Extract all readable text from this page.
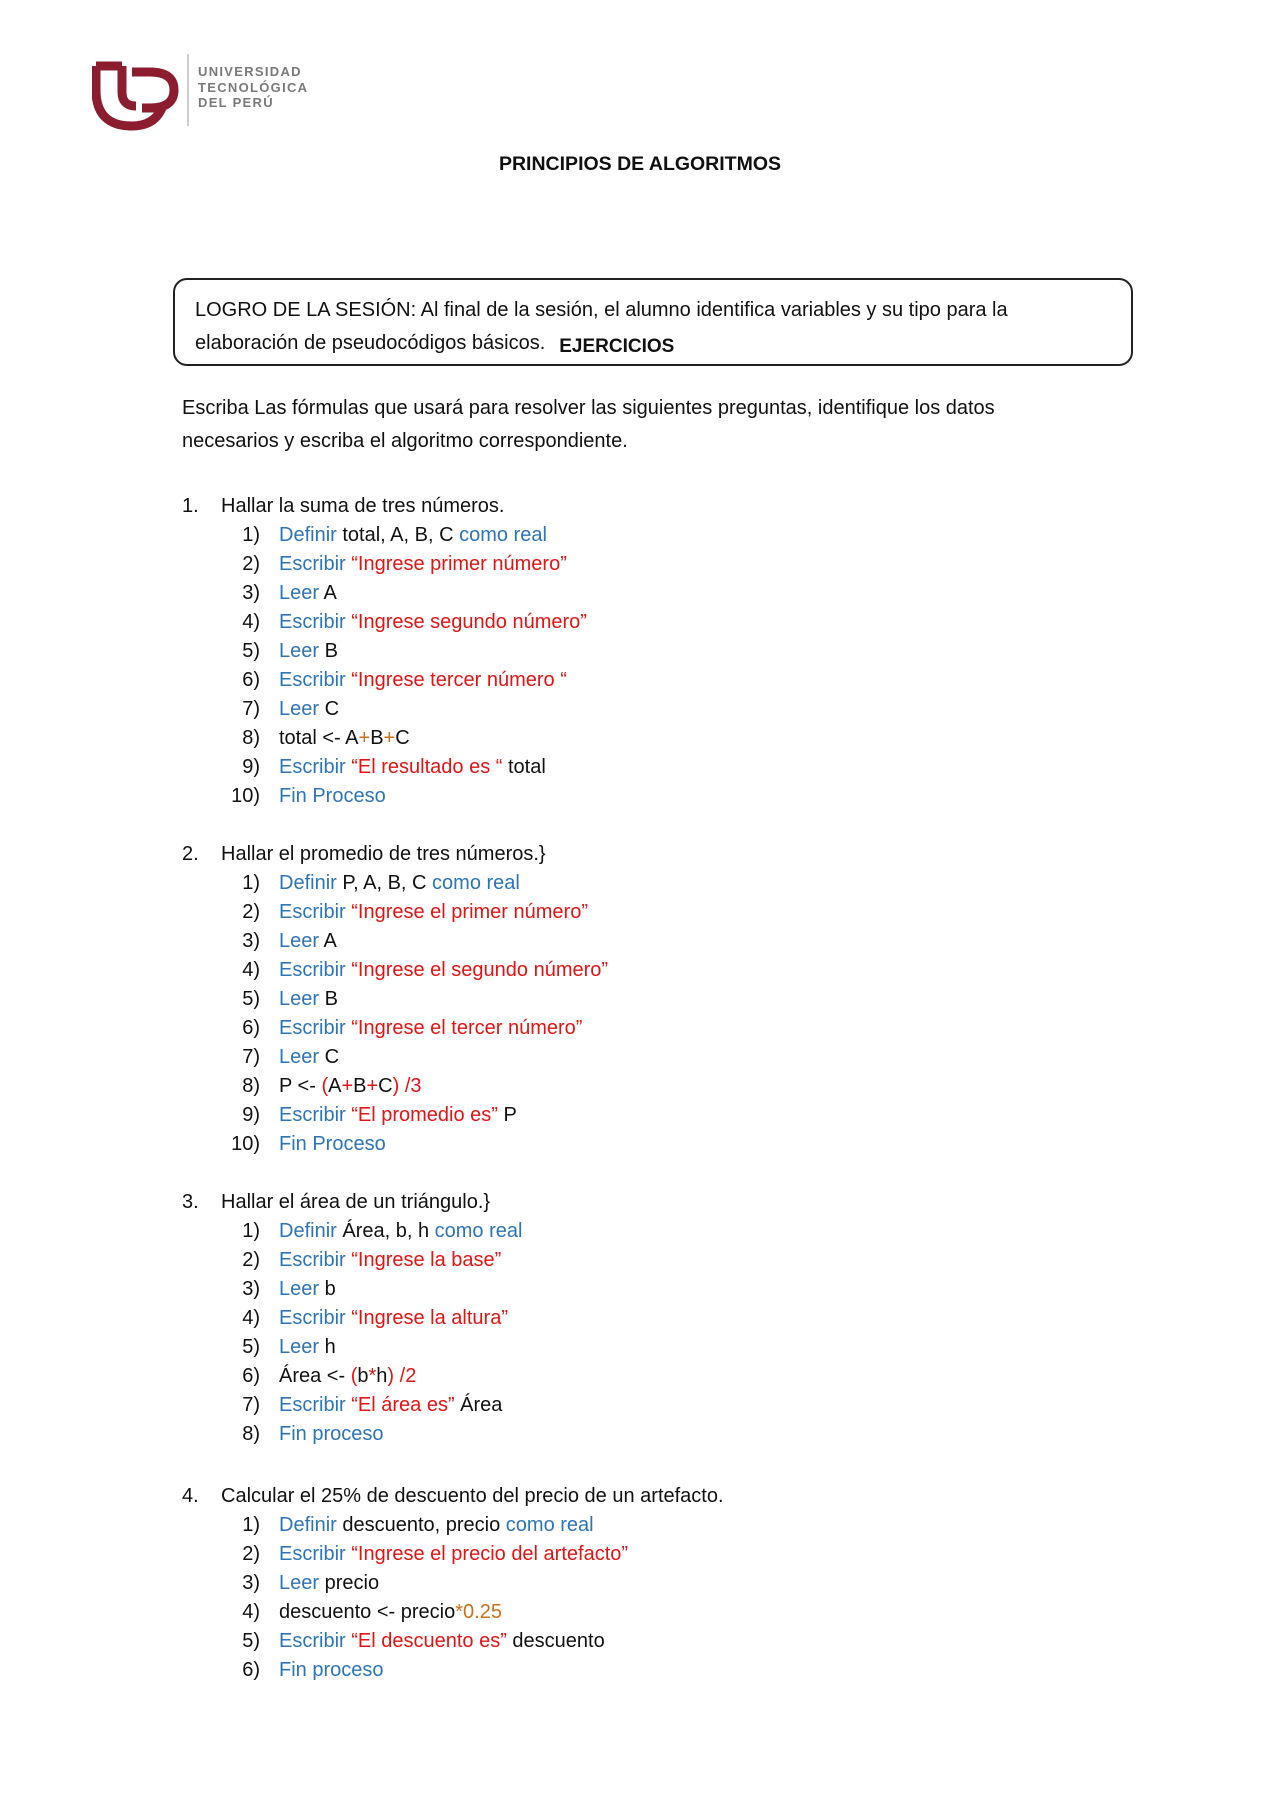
UNIVERSIDAD
TECNOLÓGICA
DEL PERÚ
PRINCIPIOS DE ALGORITMOS
LOGRO DE LA SESIÓN: Al final de la sesión, el alumno identifica variables y su tipo para la
elaboración de pseudocódigos básicos. EJERCICIOS
Escriba Las fórmulas que usará para resolver las siguientes preguntas, identifique los datos
necesarios y escriba el algoritmo correspondiente.
1. Hallar la suma de tres números.
1) Definir total, A, B, C como real
2) Escribir “Ingrese primer número”
3) Leer A
4) Escribir “Ingrese segundo número”
5) Leer B
6) Escribir “Ingrese tercer número “
7) Leer C
8) total <- A+B+C
9) Escribir “El resultado es “ total
10) Fin Proceso
2. Hallar el promedio de tres números.}
1) Definir P, A, B, C como real
2) Escribir “Ingrese el primer número”
3) Leer A
4) Escribir “Ingrese el segundo número”
5) Leer B
6) Escribir “Ingrese el tercer número”
7) Leer C
8) P <- (A+B+C) /3
9) Escribir “El promedio es” P
10) Fin Proceso
3. Hallar el área de un triángulo.}
1) Definir Área, b, h como real
2) Escribir “Ingrese la base”
3) Leer b
4) Escribir “Ingrese la altura”
5) Leer h
6) Área <- (b*h) /2
7) Escribir “El área es” Área
8) Fin proceso
4. Calcular el 25% de descuento del precio de un artefacto.
1) Definir descuento, precio como real
2) Escribir “Ingrese el precio del artefacto”
3) Leer precio
4) descuento <- precio*0.25
5) Escribir “El descuento es” descuento
6) Fin proceso
